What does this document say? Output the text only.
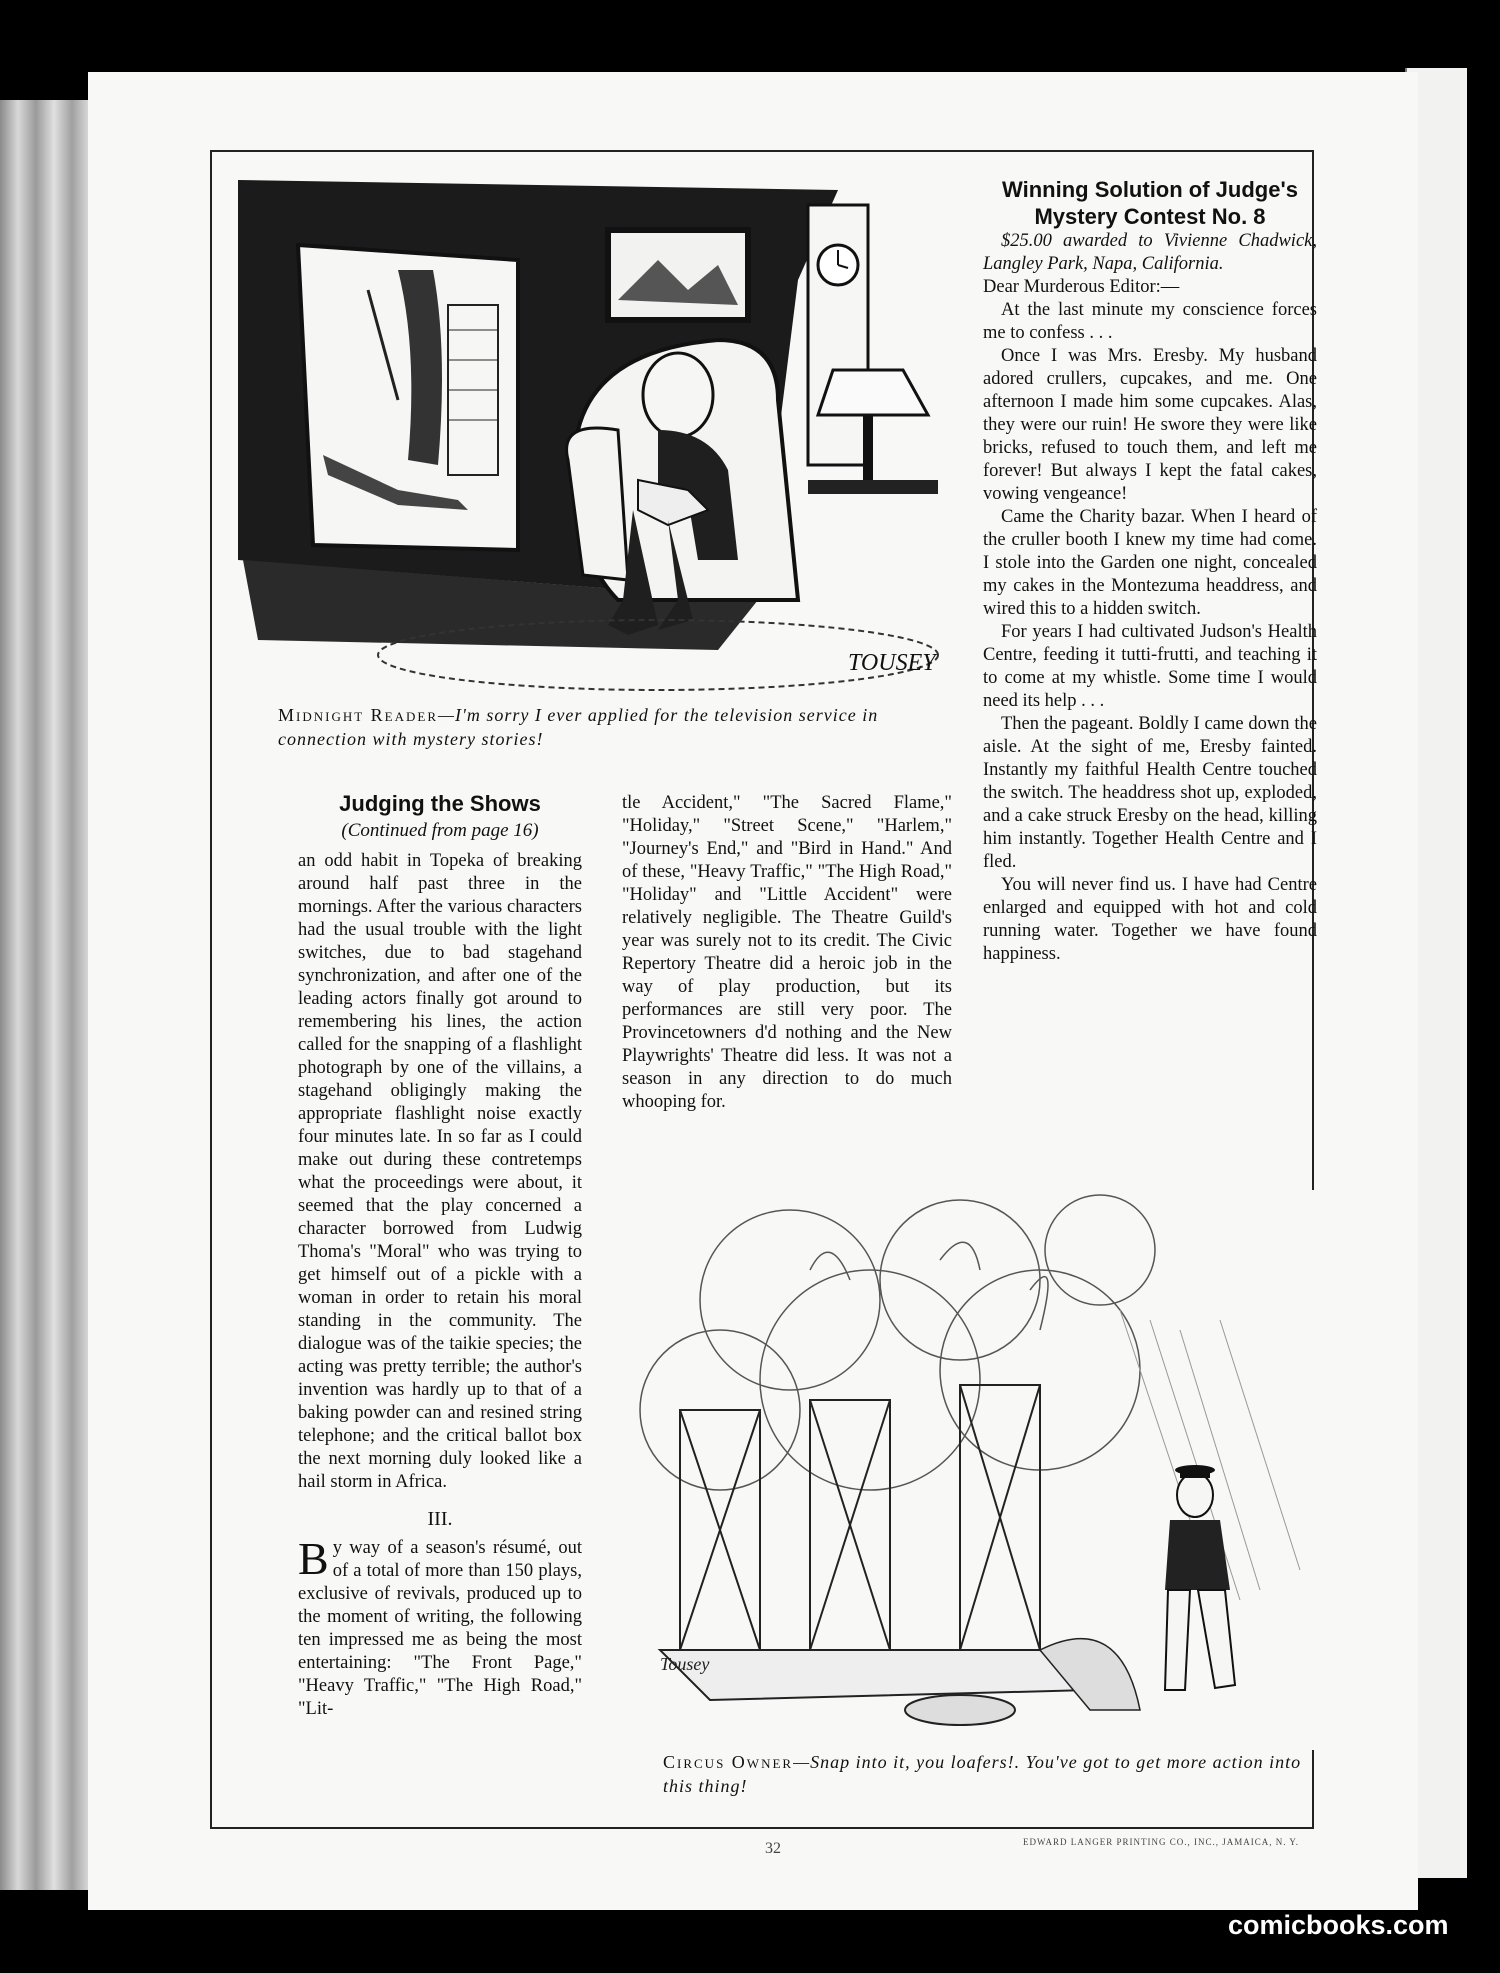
TOUSEY
Midnight Reader—I'm sorry I ever applied for the television service in connection with mystery stories!
Winning Solution of Judge's
Mystery Contest No. 8

$25.00 awarded to Vivienne Chadwick, Langley Park, Napa, California.

Dear Murderous Editor:—

At the last minute my conscience forces me to confess . . .

Once I was Mrs. Eresby. My husband adored crullers, cupcakes, and me. One afternoon I made him some cupcakes. Alas, they were our ruin! He swore they were like bricks, refused to touch them, and left me forever! But always I kept the fatal cakes, vowing vengeance!

Came the Charity bazar. When I heard of the cruller booth I knew my time had come. I stole into the Garden one night, concealed my cakes in the Montezuma headdress, and wired this to a hidden switch.

For years I had cultivated Judson's Health Centre, feeding it tutti-frutti, and teaching it to come at my whistle. Some time I would need its help . . .

Then the pageant. Boldly I came down the aisle. At the sight of me, Eresby fainted. Instantly my faithful Health Centre touched the switch. The headdress shot up, exploded, and a cake struck Eresby on the head, killing him instantly. Together Health Centre and I fled.

You will never find us. I have had Centre enlarged and equipped with hot and cold running water. Together we have found happiness.

Judging the Shows
(Continued from page 16)

an odd habit in Topeka of breaking around half past three in the mornings. After the various characters had the usual trouble with the light switches, due to bad stagehand synchronization, and after one of the leading actors finally got around to remembering his lines, the action called for the snapping of a flashlight photograph by one of the villains, a stagehand obligingly making the appropriate flashlight noise exactly four minutes late. In so far as I could make out during these contretemps what the proceedings were about, it seemed that the play concerned a character borrowed from Ludwig Thoma's "Moral" who was trying to get himself out of a pickle with a woman in order to retain his moral standing in the community. The dialogue was of the taikie species; the acting was pretty terrible; the author's invention was hardly up to that of a baking powder can and resined string telephone; and the critical ballot box the next morning duly looked like a hail storm in Africa.

III.

By way of a season's résumé, out of a total of more than 150 plays, exclusive of revivals, produced up to the moment of writing, the following ten impressed me as being the most entertaining: "The Front Page," "Heavy Traffic," "The High Road," "Lit-

tle Accident," "The Sacred Flame," "Holiday," "Street Scene," "Harlem," "Journey's End," and "Bird in Hand." And of these, "Heavy Traffic," "The High Road," "Holiday" and "Little Accident" were relatively negligible. The Theatre Guild's year was surely not to its credit. The Civic Repertory Theatre did a heroic job in the way of play production, but its performances are still very poor. The Provincetowners d'd nothing and the New Playwrights' Theatre did less. It was not a season in any direction to do much whooping for.

Tousey
Circus Owner—Snap into it, you loafers!. You've got to get more action into this thing!
32	EDWARD LANGER PRINTING CO., INC., JAMAICA, N. Y.
comicbooks.com
